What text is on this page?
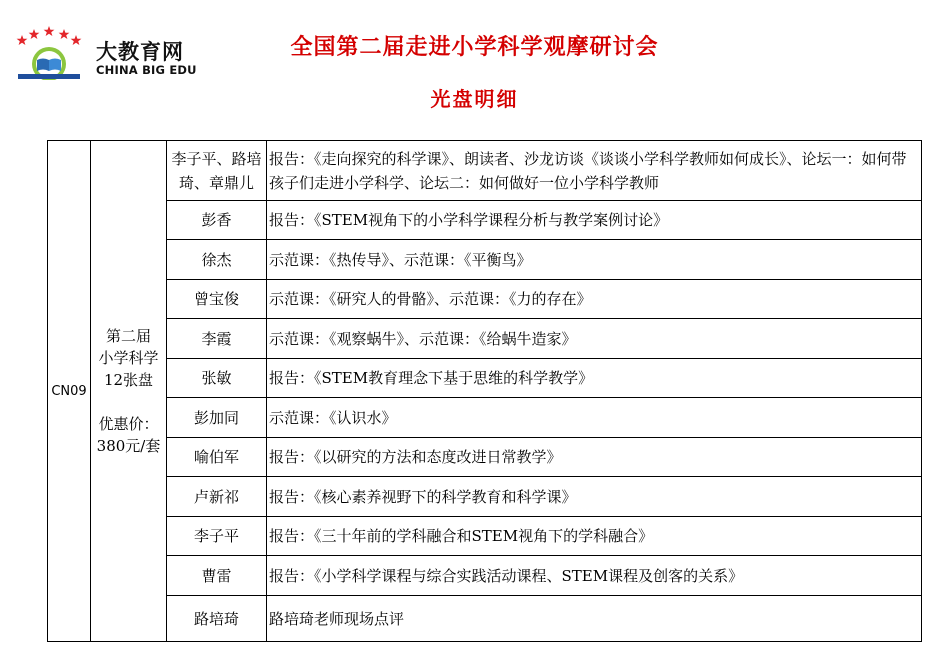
大教育网
CHINA BIG EDU
全国第二届走进小学科学观摩研讨会
光盘明细
CN09	第二届
小学科学
12张盘
优惠价：
380元/套	李子平、路培琦、章鼎儿	报告：《走向探究的科学课》、朗读者、沙龙访谈《谈谈小学科学教师如何成长》、论坛一：如何带孩子们走进小学科学、论坛二：如何做好一位小学科学教师
		彭香	报告：《STEM视角下的小学科学课程分析与教学案例讨论》
		徐杰	示范课：《热传导》、示范课：《平衡鸟》
		曾宝俊	示范课：《研究人的骨骼》、示范课：《力的存在》
		李霞	示范课：《观察蜗牛》、示范课：《给蜗牛造家》
		张敏	报告：《STEM教育理念下基于思维的科学教学》
		彭加同	示范课：《认识水》
		喻伯军	报告：《以研究的方法和态度改进日常教学》
		卢新祁	报告：《核心素养视野下的科学教育和科学课》
		李子平	报告：《三十年前的学科融合和STEM视角下的学科融合》
		曹雷	报告：《小学科学课程与综合实践活动课程、STEM课程及创客的关系》
		路培琦	路培琦老师现场点评
